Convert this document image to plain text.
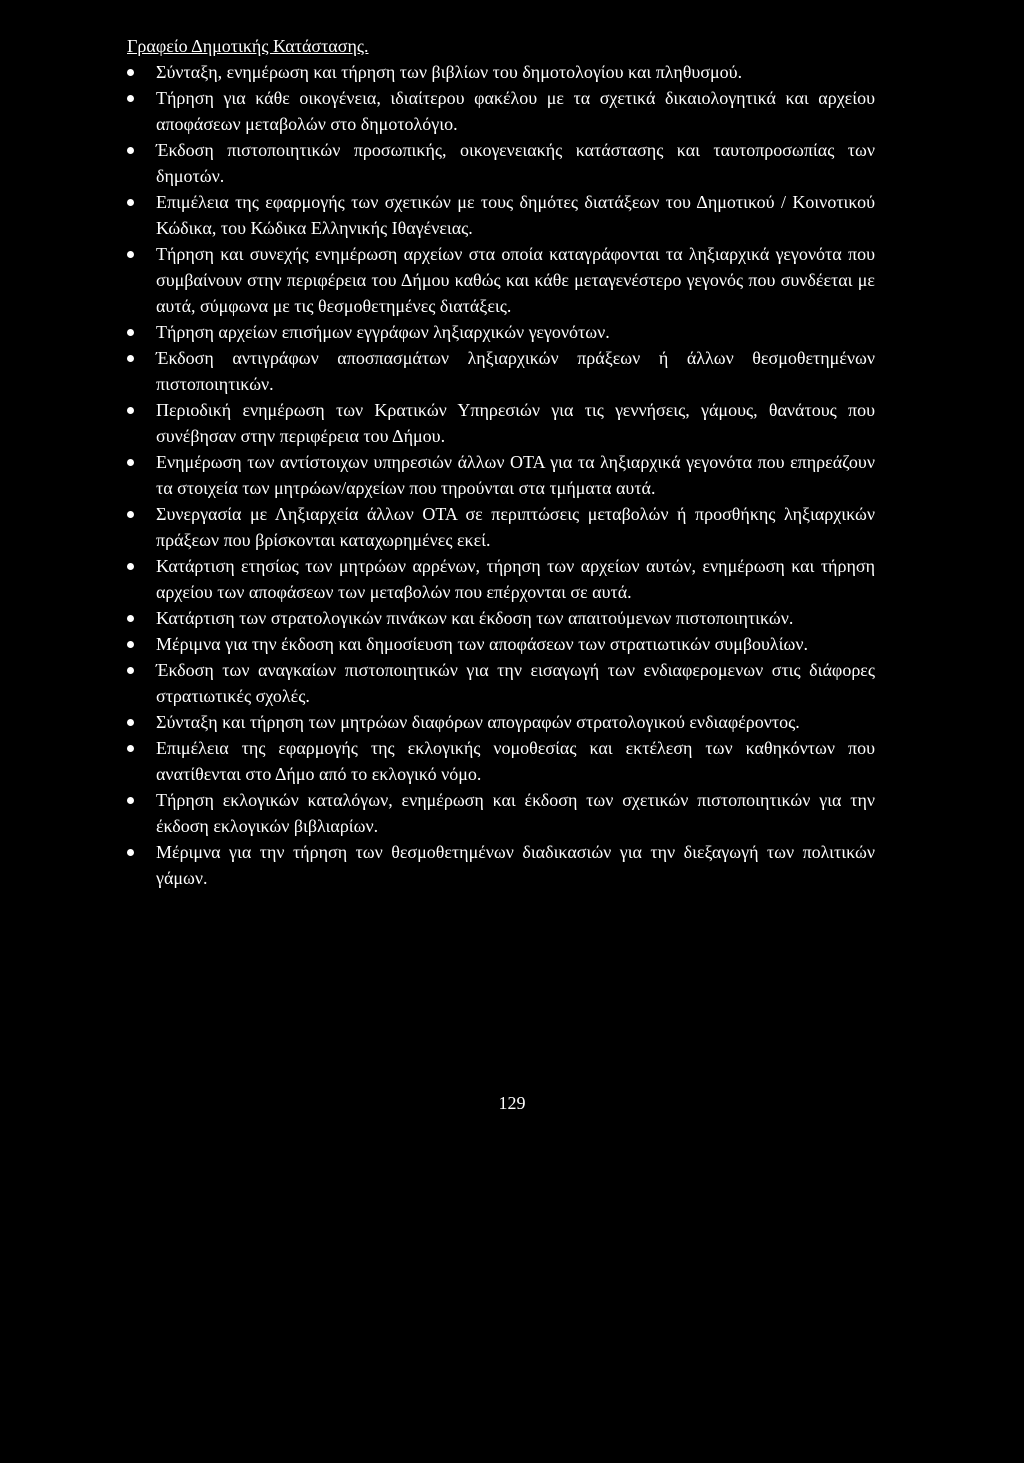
Γραφείο Δημοτικής Κατάστασης.

Σύνταξη, ενημέρωση και τήρηση των βιβλίων του δημοτολογίου και πληθυσμού.
Τήρηση για κάθε οικογένεια, ιδιαίτερου φακέλου με τα σχετικά δικαιολογητικά και αρχείου αποφάσεων μεταβολών στο δημοτολόγιο.
Έκδοση πιστοποιητικών προσωπικής, οικογενειακής κατάστασης και ταυτοπροσωπίας των δημοτών.
Επιμέλεια της εφαρμογής των σχετικών με τους δημότες διατάξεων του Δημοτικού / Κοινοτικού Κώδικα, του Κώδικα Ελληνικής Ιθαγένειας.
Τήρηση και συνεχής ενημέρωση αρχείων στα οποία καταγράφονται τα ληξιαρχικά γεγονότα που συμβαίνουν στην περιφέρεια του Δήμου καθώς και κάθε μεταγενέστερο γεγονός που συνδέεται με αυτά, σύμφωνα με τις θεσμοθετημένες διατάξεις.
Τήρηση αρχείων επισήμων εγγράφων ληξιαρχικών γεγονότων.
Έκδοση αντιγράφων αποσπασμάτων ληξιαρχικών πράξεων ή άλλων θεσμοθετημένων πιστοποιητικών.
Περιοδική ενημέρωση των Κρατικών Υπηρεσιών για τις γεννήσεις, γάμους, θανάτους που συνέβησαν στην περιφέρεια του Δήμου.
Ενημέρωση των αντίστοιχων υπηρεσιών άλλων ΟΤΑ για τα ληξιαρχικά γεγονότα που επηρεάζουν τα στοιχεία των μητρώων/αρχείων που τηρούνται στα τμήματα αυτά.
Συνεργασία με Ληξιαρχεία άλλων ΟΤΑ σε περιπτώσεις μεταβολών ή προσθήκης ληξιαρχικών πράξεων που βρίσκονται καταχωρημένες εκεί.
Κατάρτιση ετησίως των μητρώων αρρένων, τήρηση των αρχείων αυτών, ενημέρωση και τήρηση αρχείου των αποφάσεων των μεταβολών που επέρχονται σε αυτά.
Κατάρτιση των στρατολογικών πινάκων και έκδοση των απαιτούμενων πιστοποιητικών.
Μέριμνα για την έκδοση και δημοσίευση των αποφάσεων των στρατιωτικών συμβουλίων.
Έκδοση των αναγκαίων πιστοποιητικών για την εισαγωγή των ενδιαφερομενων στις διάφορες στρατιωτικές σχολές.
Σύνταξη και τήρηση των μητρώων διαφόρων απογραφών στρατολογικού ενδιαφέροντος.
Επιμέλεια της εφαρμογής της εκλογικής νομοθεσίας και εκτέλεση των καθηκόντων που ανατίθενται στο Δήμο από το εκλογικό νόμο.
Τήρηση εκλογικών καταλόγων, ενημέρωση και έκδοση των σχετικών πιστοποιητικών για την έκδοση εκλογικών βιβλιαρίων.
Μέριμνα για την τήρηση των θεσμοθετημένων διαδικασιών για την διεξαγωγή των πολιτικών γάμων.
129
